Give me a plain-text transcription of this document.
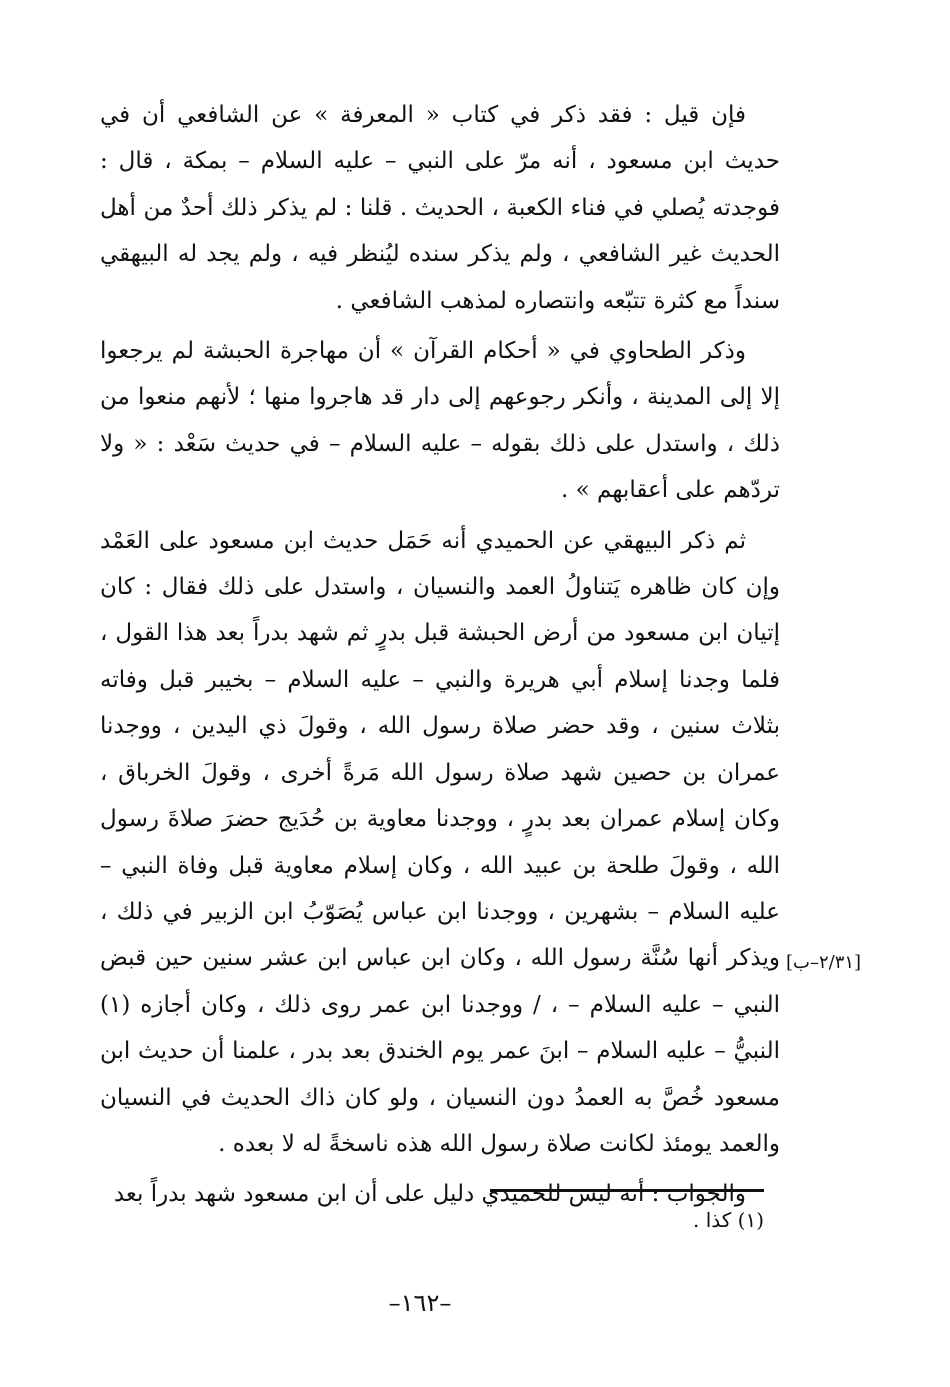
فإن قيل : فقد ذكر في كتاب « المعرفة » عن الشافعي أن في حديث ابن مسعود ، أنه مرّ على النبي – عليه السلام – بمكة ، قال : فوجدته يُصلي في فناء الكعبة ، الحديث . قلنا : لم يذكر ذلك أحدٌ من أهل الحديث غير الشافعي ، ولم يذكر سنده ليُنظر فيه ، ولم يجد له البيهقي سنداً مع كثرة تتبّعه وانتصاره لمذهب الشافعي .

وذكر الطحاوي في « أحكام القرآن » أن مهاجرة الحبشة لم يرجعوا إلا إلى المدينة ، وأنكر رجوعهم إلى دار قد هاجروا منها ؛ لأنهم منعوا من ذلك ، واستدل على ذلك بقوله – عليه السلام – في حديث سَعْد : « ولا تردّهم على أعقابهم » .

ثم ذكر البيهقي عن الحميدي أنه حَمَل حديث ابن مسعود على العَمْد وإن كان ظاهره يَتناولُ العمد والنسيان ، واستدل على ذلك فقال : كان إتيان ابن مسعود من أرض الحبشة قبل بدرٍ ثم شهد بدراً بعد هذا القول ، فلما وجدنا إسلام أبي هريرة والنبي – عليه السلام – بخيبر قبل وفاته بثلاث سنين ، وقد حضر صلاة رسول الله ، وقولَ ذي اليدين ، ووجدنا عمران بن حصين شهد صلاة رسول الله مَرةً أخرى ، وقولَ الخرباق ، وكان إسلام عمران بعد بدرٍ ، ووجدنا معاوية بن حُدَيج حضرَ صلاةَ رسول الله ، وقولَ طلحة بن عبيد الله ، وكان إسلام معاوية قبل وفاة النبي – عليه السلام – بشهرين ، ووجدنا ابن عباس يُصَوّبُ ابن الزبير في ذلك ، ويذكر أنها سُنَّة رسول الله ، وكان ابن عباس ابن عشر سنين حين قبض النبي – عليه السلام – ، / ووجدنا ابن عمر روى ذلك ، وكان أجازه (١) النبيُّ – عليه السلام – ابنَ عمر يوم الخندق بعد بدر ، علمنا أن حديث ابن مسعود خُصَّ به العمدُ دون النسيان ، ولو كان ذاك الحديث في النسيان والعمد يومئذ لكانت صلاة رسول الله هذه ناسخةً له لا بعده .

والجواب : أنه ليس للحميدي دليل على أن ابن مسعود شهد بدراً بعد

[٢/٣١–ب]
(١) كذا .
–١٦٢–
